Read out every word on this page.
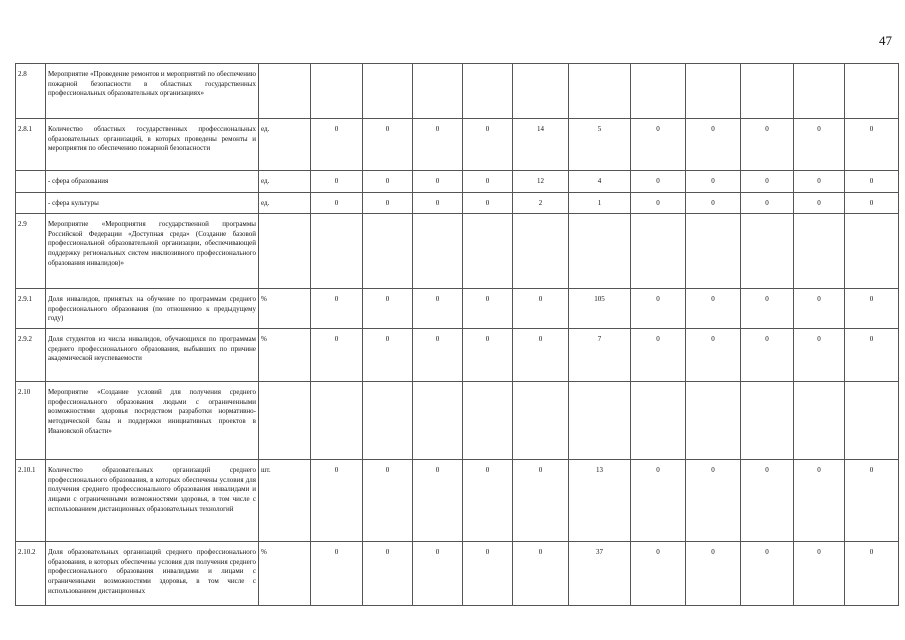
47
2.8	Мероприятие «Проведение ремонтов и мероприятий по обеспечению пожарной безопасности в областных государственных профессиональных образовательных организациях»												
2.8.1	Количество областных государственных профессиональных образовательных организаций, в которых проведены ремонты и мероприятия по обеспечению пожарной безопасности	ед.	0	0	0	0	14	5	0	0	0	0	0
	- сфера образования	ед.	0	0	0	0	12	4	0	0	0	0	0
	- сфера культуры	ед.	0	0	0	0	2	1	0	0	0	0	0
2.9	Мероприятие «Мероприятия государственной программы Российской Федерации «Доступная среда» (Создание базовой профессиональной образовательной организации, обеспечивающей поддержку региональных систем инклюзивного профессионального образования инвалидов)»												
2.9.1	Доля инвалидов, принятых на обучение по программам среднего профессионального образования (по отношению к предыдущему году)	%	0	0	0	0	0	105	0	0	0	0	0
2.9.2	Доля студентов из числа инвалидов, обучающихся по программам среднего профессионального образования, выбывших по причине академической неуспеваемости	%	0	0	0	0	0	7	0	0	0	0	0
2.10	Мероприятие «Создание условий для получения среднего профессионального образования людьми с ограниченными возможностями здоровья посредством разработки нормативно-методической базы и поддержки инициативных проектов в Ивановской области»												
2.10.1	Количество образовательных организаций среднего профессионального образования, в которых обеспечены условия для получения среднего профессионального образования инвалидами и лицами с ограниченными возможностями здоровья, в том числе с использованием дистанционных образовательных технологий	шт.	0	0	0	0	0	13	0	0	0	0	0
2.10.2	Доля образовательных организаций среднего профессионального образования, в которых обеспечены условия для получения среднего профессионального образования инвалидами и лицами с ограниченными возможностями здоровья, в том числе с использованием дистанционных	%	0	0	0	0	0	37	0	0	0	0	0
